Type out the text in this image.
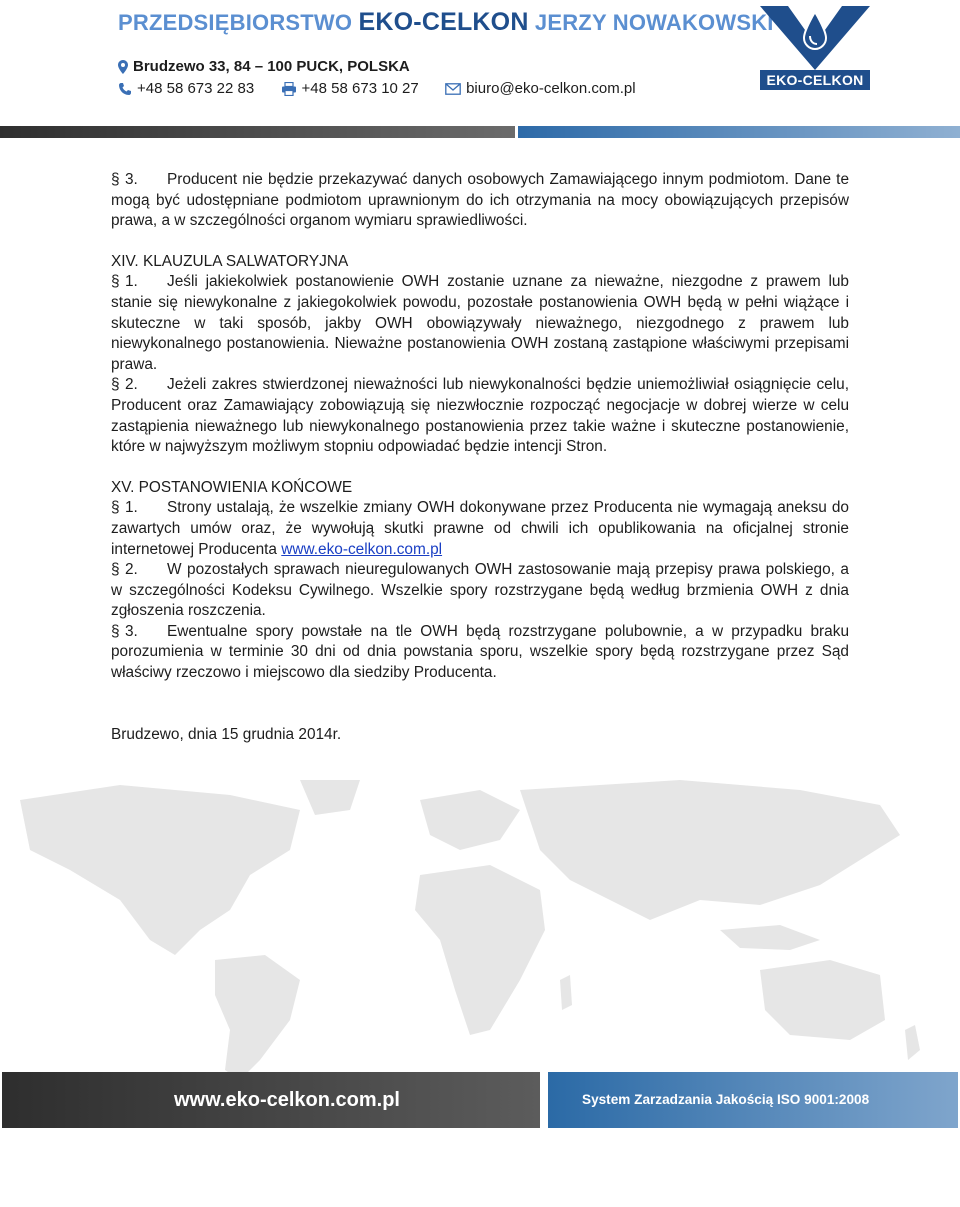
PRZEDSIĘBIORSTWO EKO-CELKON JERZY NOWAKOWSKI
Brudzewo 33, 84 – 100 PUCK, POLSKA
+48 58 673 22 83	+48 58 673 10 27	biuro@eko-celkon.com.pl	EKO-CELKON

§ 3. Producent nie będzie przekazywać danych osobowych Zamawiającego innym podmiotom. Dane te mogą być udostępniane podmiotom uprawnionym do ich otrzymania na mocy obowiązujących przepisów prawa, a w szczególności organom wymiaru sprawiedliwości.

XIV. KLAUZULA SALWATORYJNA

§ 1. Jeśli jakiekolwiek postanowienie OWH zostanie uznane za nieważne, niezgodne z prawem lub stanie się niewykonalne z jakiegokolwiek powodu, pozostałe postanowienia OWH będą w pełni wiążące i skuteczne w taki sposób, jakby OWH obowiązywały nieważnego, niezgodnego z prawem lub niewykonalnego postanowienia. Nieważne postanowienia OWH zostaną zastąpione właściwymi przepisami prawa.

§ 2. Jeżeli zakres stwierdzonej nieważności lub niewykonalności będzie uniemożliwiał osiągnięcie celu, Producent oraz Zamawiający zobowiązują się niezwłocznie rozpocząć negocjacje w dobrej wierze w celu zastąpienia nieważnego lub niewykonalnego postanowienia przez takie ważne i skuteczne postanowienie, które w najwyższym możliwym stopniu odpowiadać będzie intencji Stron.

XV. POSTANOWIENIA KOŃCOWE

§ 1. Strony ustalają, że wszelkie zmiany OWH dokonywane przez Producenta nie wymagają aneksu do zawartych umów oraz, że wywołują skutki prawne od chwili ich opublikowania na oficjalnej stronie internetowej Producenta www.eko-celkon.com.pl

§ 2. W pozostałych sprawach nieuregulowanych OWH zastosowanie mają przepisy prawa polskiego, a w szczególności Kodeksu Cywilnego. Wszelkie spory rozstrzygane będą według brzmienia OWH z dnia zgłoszenia roszczenia.

§ 3. Ewentualne spory powstałe na tle OWH będą rozstrzygane polubownie, a w przypadku braku porozumienia w terminie 30 dni od dnia powstania sporu, wszelkie spory będą rozstrzygane przez Sąd właściwy rzeczowo i miejscowo dla siedziby Producenta.

Brudzewo, dnia 15 grudnia 2014r.

www.eko-celkon.com.pl	System Zarzadzania Jakością ISO 9001:2008
